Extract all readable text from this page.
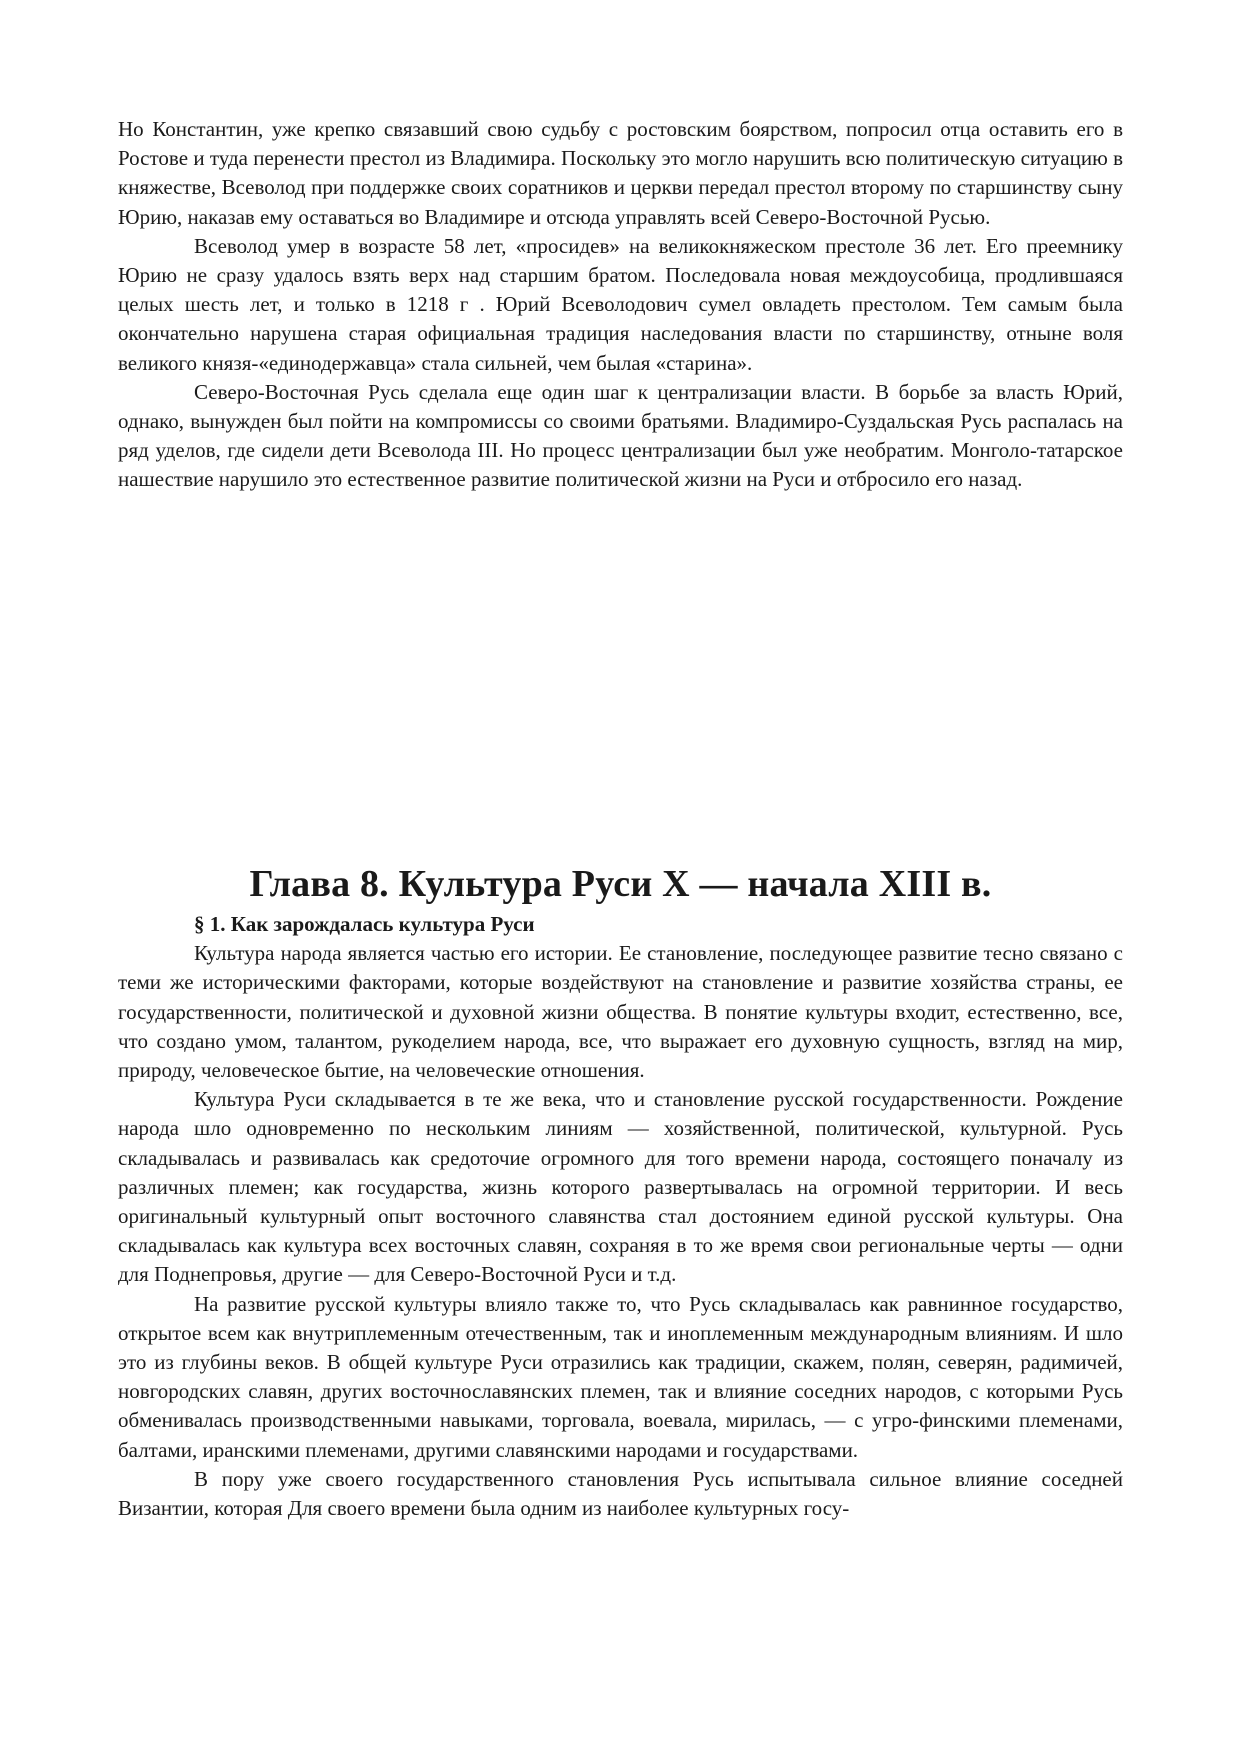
Но Константин, уже крепко связавший свою судьбу с ростовским боярством, попросил отца оставить его в Ростове и туда перенести престол из Владимира. Поскольку это могло нарушить всю политическую ситуацию в княжестве, Всеволод при поддержке своих соратников и церкви передал престол второму по старшинству сыну Юрию, наказав ему оставаться во Владимире и отсюда управлять всей Северо-Восточной Русью.

Всеволод умер в возрасте 58 лет, «просидев» на великокняжеском престоле 36 лет. Его преемнику Юрию не сразу удалось взять верх над старшим братом. Последовала новая междоусобица, продлившаяся целых шесть лет, и только в 1218 г . Юрий Всеволодович сумел овладеть престолом. Тем самым была окончательно нарушена старая официальная традиция наследования власти по старшинству, отныне воля великого князя-«единодержавца» стала сильней, чем былая «старина».

Северо-Восточная Русь сделала еще один шаг к централизации власти. В борьбе за власть Юрий, однако, вынужден был пойти на компромиссы со своими братьями. Владимиро-Суздальская Русь распалась на ряд уделов, где сидели дети Всеволода III. Но процесс централизации был уже необратим. Монголо-татарское нашествие нарушило это естественное развитие политической жизни на Руси и отбросило его назад.

Глава 8. Культура Руси X — начала XIII в.

§ 1. Как зарождалась культура Руси

Культура народа является частью его истории. Ее становление, последующее развитие тесно связано с теми же историческими факторами, которые воздействуют на становление и развитие хозяйства страны, ее государственности, политической и духовной жизни общества. В понятие культуры входит, естественно, все, что создано умом, талантом, рукоделием народа, все, что выражает его духовную сущность, взгляд на мир, природу, человеческое бытие, на человеческие отношения.

Культура Руси складывается в те же века, что и становление русской государственности. Рождение народа шло одновременно по нескольким линиям — хозяйственной, политической, культурной. Русь складывалась и развивалась как средоточие огромного для того времени народа, состоящего поначалу из различных племен; как государства, жизнь которого развертывалась на огромной территории. И весь оригинальный культурный опыт восточного славянства стал достоянием единой русской культуры. Она складывалась как культура всех восточных славян, сохраняя в то же время свои региональные черты — одни для Поднепровья, другие — для Северо-Восточной Руси и т.д.

На развитие русской культуры влияло также то, что Русь складывалась как равнинное государство, открытое всем как внутриплеменным отечественным, так и иноплеменным международным влияниям. И шло это из глубины веков. В общей культуре Руси отразились как традиции, скажем, полян, северян, радимичей, новгородских славян, других восточнославянских племен, так и влияние соседних народов, с которыми Русь обменивалась производственными навыками, торговала, воевала, мирилась, — с угро-финскими племенами, балтами, иранскими племенами, другими славянскими народами и государствами.

В пору уже своего государственного становления Русь испытывала сильное влияние соседней Византии, которая Для своего времени была одним из наиболее культурных госу-
